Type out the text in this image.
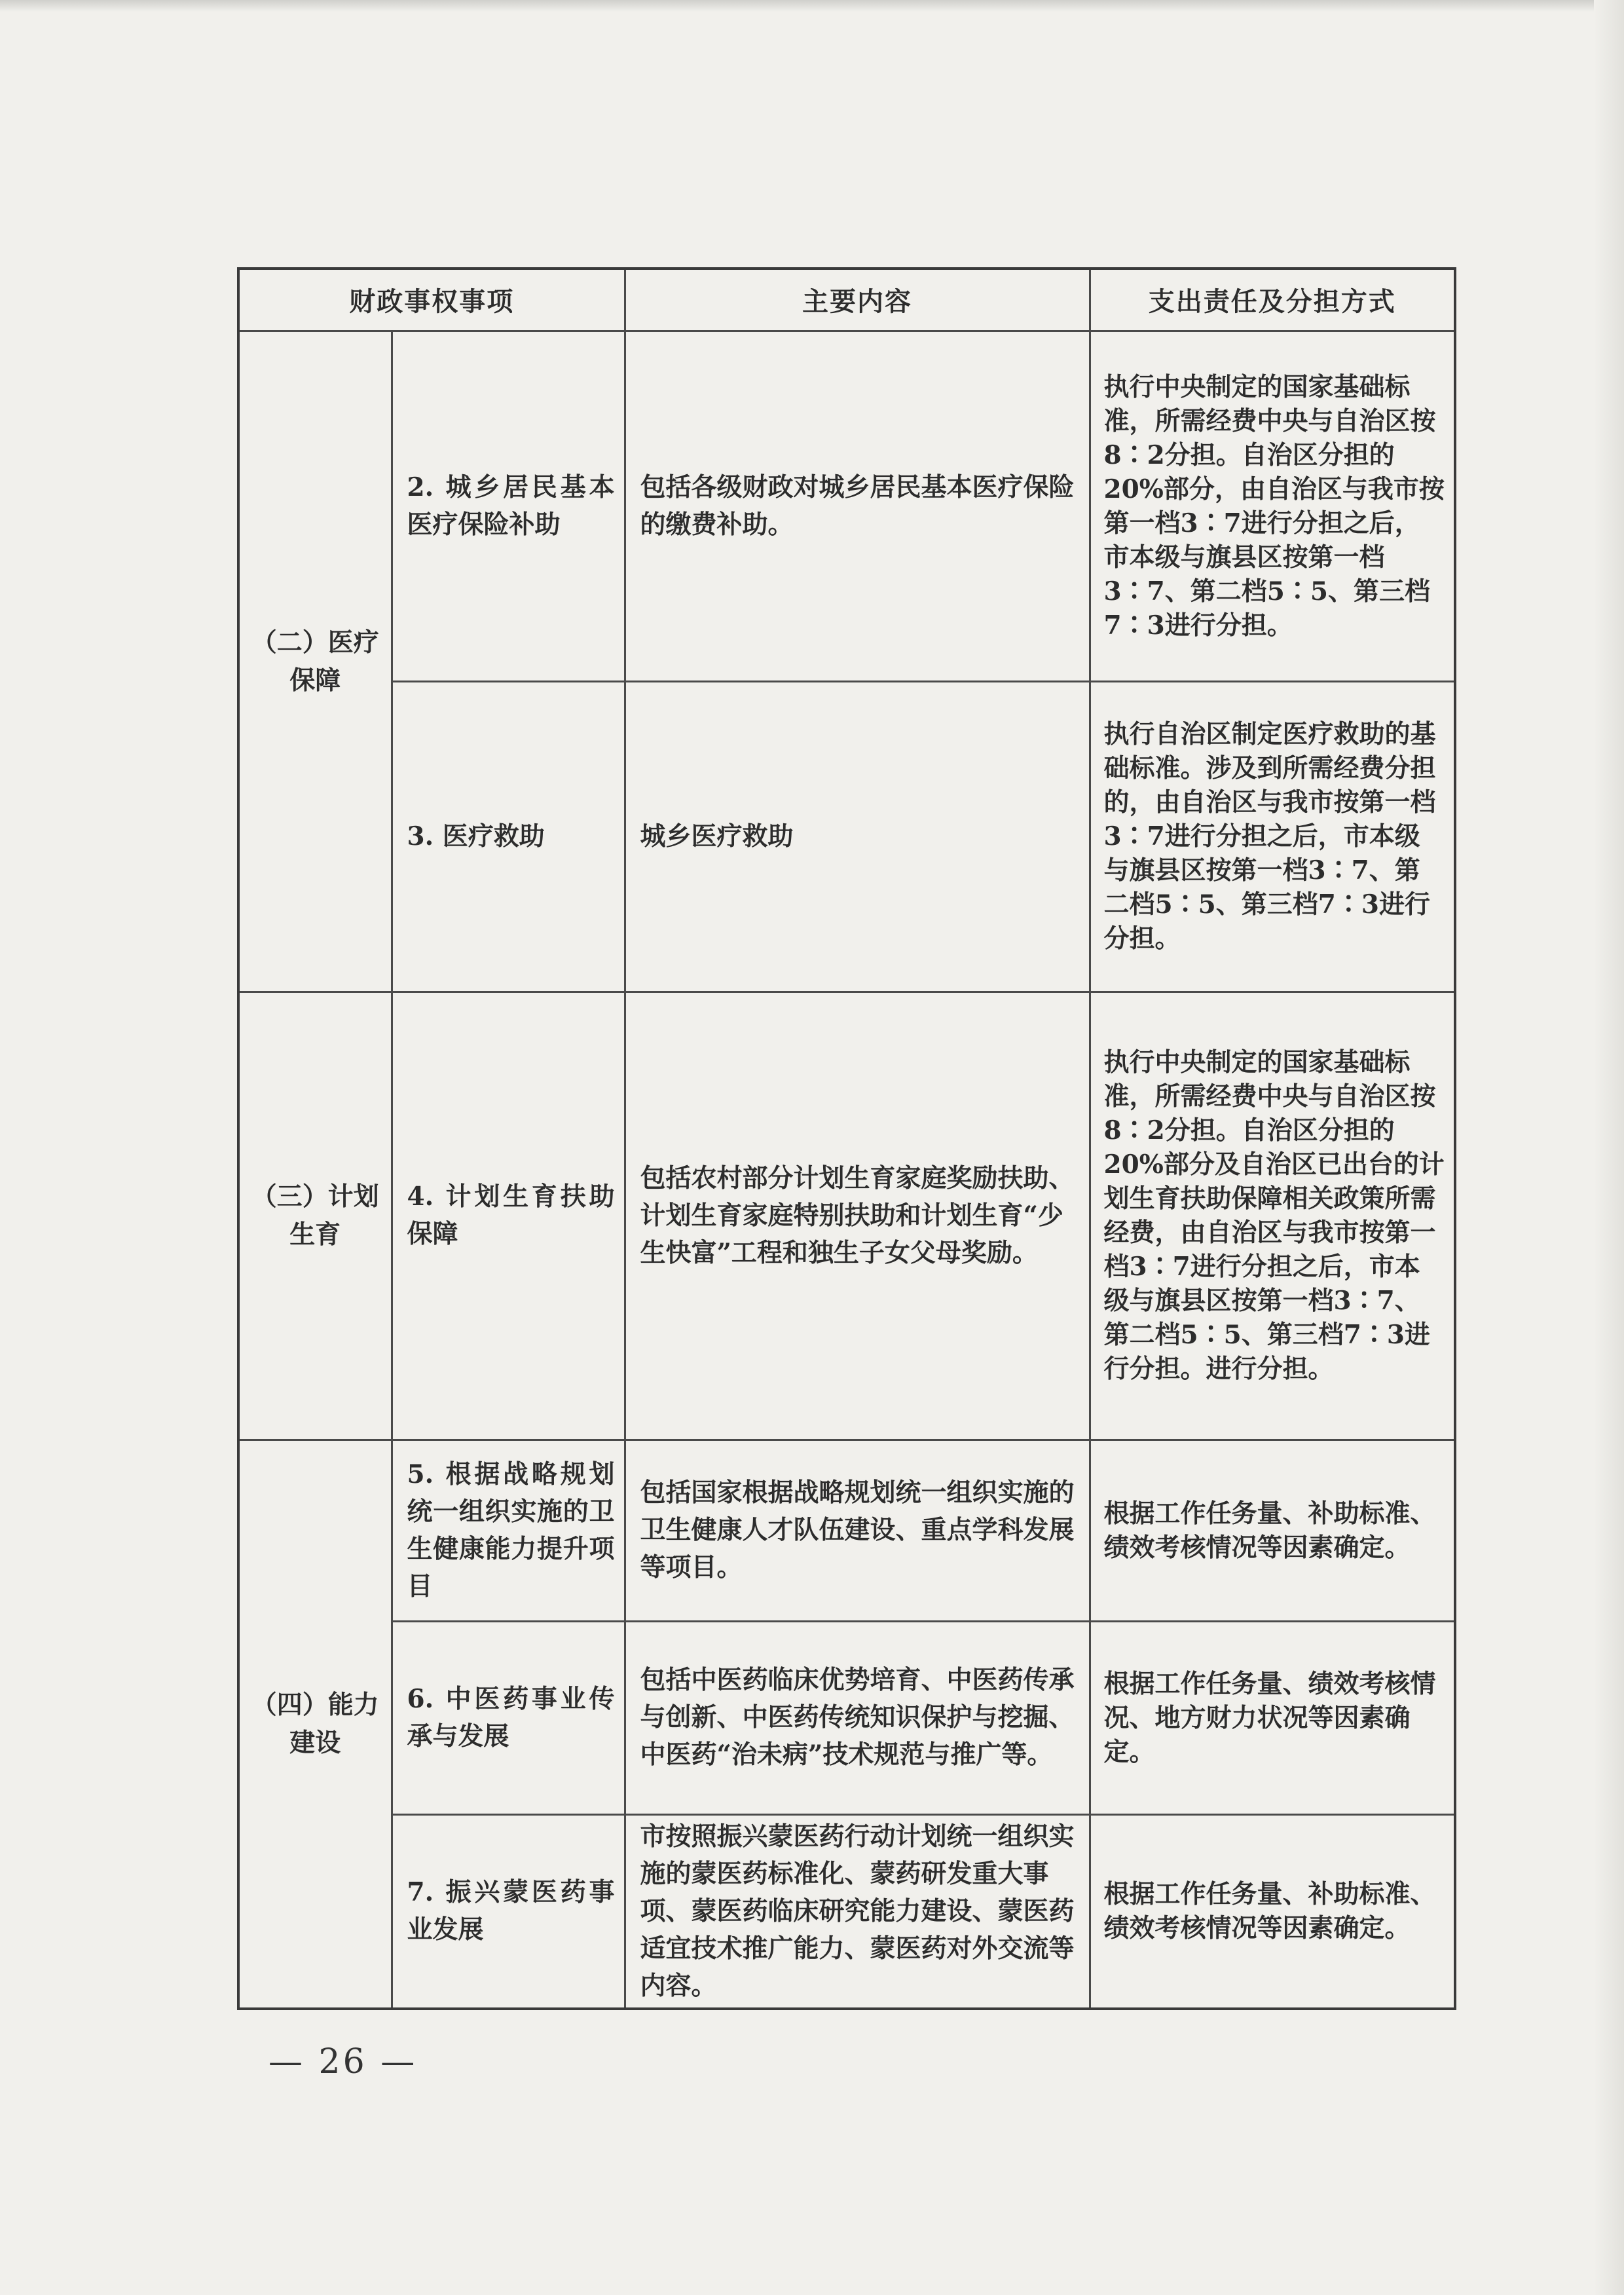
财政事权事项		主要内容	支出责任及分担方式
（二）医疗保障	2. 城乡居民基本医疗保险补助	包括各级财政对城乡居民基本医疗保险的缴费补助。	执行中央制定的国家基础标准，所需经费中央与自治区按8∶2分担。自治区分担的20%部分，由自治区与我市按第一档3∶7进行分担之后，市本级与旗县区按第一档3∶7、第二档5∶5、第三档7∶3进行分担。
	3. 医疗救助	城乡医疗救助	执行自治区制定医疗救助的基础标准。涉及到所需经费分担的，由自治区与我市按第一档3∶7进行分担之后，市本级与旗县区按第一档3∶7、第二档5∶5、第三档7∶3进行分担。
（三）计划生育	4. 计划生育扶助保障	包括农村部分计划生育家庭奖励扶助、计划生育家庭特别扶助和计划生育“少生快富”工程和独生子女父母奖励。	执行中央制定的国家基础标准，所需经费中央与自治区按8∶2分担。自治区分担的20%部分及自治区已出台的计划生育扶助保障相关政策所需经费，由自治区与我市按第一档3∶7进行分担之后，市本级与旗县区按第一档3∶7、第二档5∶5、第三档7∶3进行分担。进行分担。
（四）能力建设	5. 根据战略规划统一组织实施的卫生健康能力提升项目	包括国家根据战略规划统一组织实施的卫生健康人才队伍建设、重点学科发展等项目。	根据工作任务量、补助标准、绩效考核情况等因素确定。
	6. 中医药事业传承与发展	包括中医药临床优势培育、中医药传承与创新、中医药传统知识保护与挖掘、中医药“治未病”技术规范与推广等。	根据工作任务量、绩效考核情况、地方财力状况等因素确定。
	7. 振兴蒙医药事业发展	市按照振兴蒙医药行动计划统一组织实施的蒙医药标准化、蒙药研发重大事项、蒙医药临床研究能力建设、蒙医药适宜技术推广能力、蒙医药对外交流等内容。	根据工作任务量、补助标准、绩效考核情况等因素确定。
— 26 —
